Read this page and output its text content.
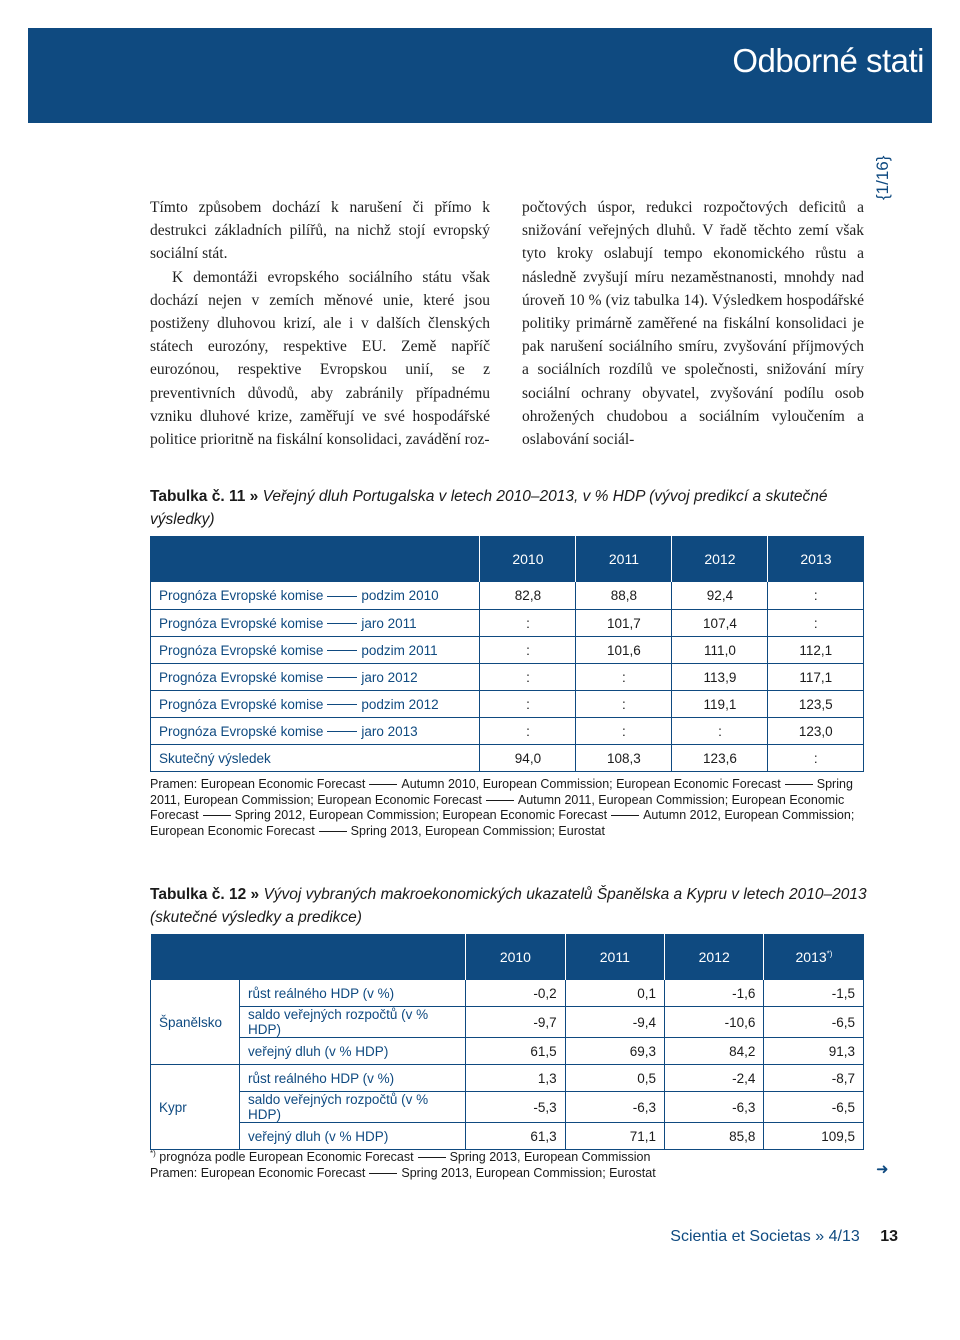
Odborné stati
{1/16}

Tímto způsobem dochází k narušení či přímo k destrukci základních pilířů, na nichž stojí evropský sociální stát.

K demontáži evropského sociálního státu však dochází nejen v zemích měnové unie, které jsou postiženy dluhovou krizí, ale i v dalších členských státech eurozóny, respektive EU. Země napříč eurozónou, respektive Evropskou unií, se z preventivních důvodů, aby zabránily případnému vzniku dluhové krize, zaměřují ve své hospodářské politice prioritně na fiskální konsolidaci, zavádění roz-

počtových úspor, redukci rozpočtových deficitů a snižování veřejných dluhů. V řadě těchto zemí však tyto kroky oslabují tempo ekonomického růstu a následně zvyšují míru nezaměstnanosti, mnohdy nad úroveň 10 % (viz tabulka 14). Výsledkem hospodářské politiky primárně zaměřené na fiskální konsolidaci je pak narušení sociálního smíru, zvyšování příjmových a sociálních rozdílů ve společnosti, snižování míry sociální ochrany obyvatel, zvyšování podílu osob ohrožených chudobou a sociálním vyloučením a oslabování sociál-

Tabulka č. 11 » Veřejný dluh Portugalska v letech 2010–2013, v % HDP (vývoj predikcí a skutečné výsledky)
	2010	2011	2012	2013

Prognóza Evropské komise podzim 2010	82,8	88,8	92,4	:
Prognóza Evropské komise jaro 2011	:	101,7	107,4	:
Prognóza Evropské komise podzim 2011	:	101,6	111,0	112,1
Prognóza Evropské komise jaro 2012	:	:	113,9	117,1
Prognóza Evropské komise podzim 2012	:	:	119,1	123,5
Prognóza Evropské komise jaro 2013	:	:	:	123,0
Skutečný výsledek	94,0	108,3	123,6	:
Pramen: European Economic Forecast	Autumn 2010, European Commission; European Economic Forecast	Spring 2011, European Commission; European Economic Forecast	Autumn 2011, European Commission; European Economic Forecast	Spring 2012, European Commission; European Economic Forecast	Autumn 2012, European Commission; European Economic Forecast	Spring 2013, European Commission; Eurostat
Tabulka č. 12 » Vývoj vybraných makroekonomických ukazatelů Španělska a Kypru v letech 2010–2013 (skutečné výsledky a predikce)
		2010	2011	2012	2013*)
Španělsko	růst reálného HDP (v %)	-0,2	0,1	-1,6	-1,5
	saldo veřejných rozpočtů (v % HDP)	-9,7	-9,4	-10,6	-6,5
	veřejný dluh (v % HDP)	61,5	69,3	84,2	91,3
Kypr	růst reálného HDP (v %)	1,3	0,5	-2,4	-8,7
	saldo veřejných rozpočtů (v % HDP)	-5,3	-6,3	-6,3	-6,5
	veřejný dluh (v % HDP)	61,3	71,1	85,8	109,5
*) prognóza podle European Economic Forecast	Spring 2013, European Commission
Pramen: European Economic Forecast	Spring 2013, European Commission; Eurostat	➜
Scientia et Societas » 4/13 13
